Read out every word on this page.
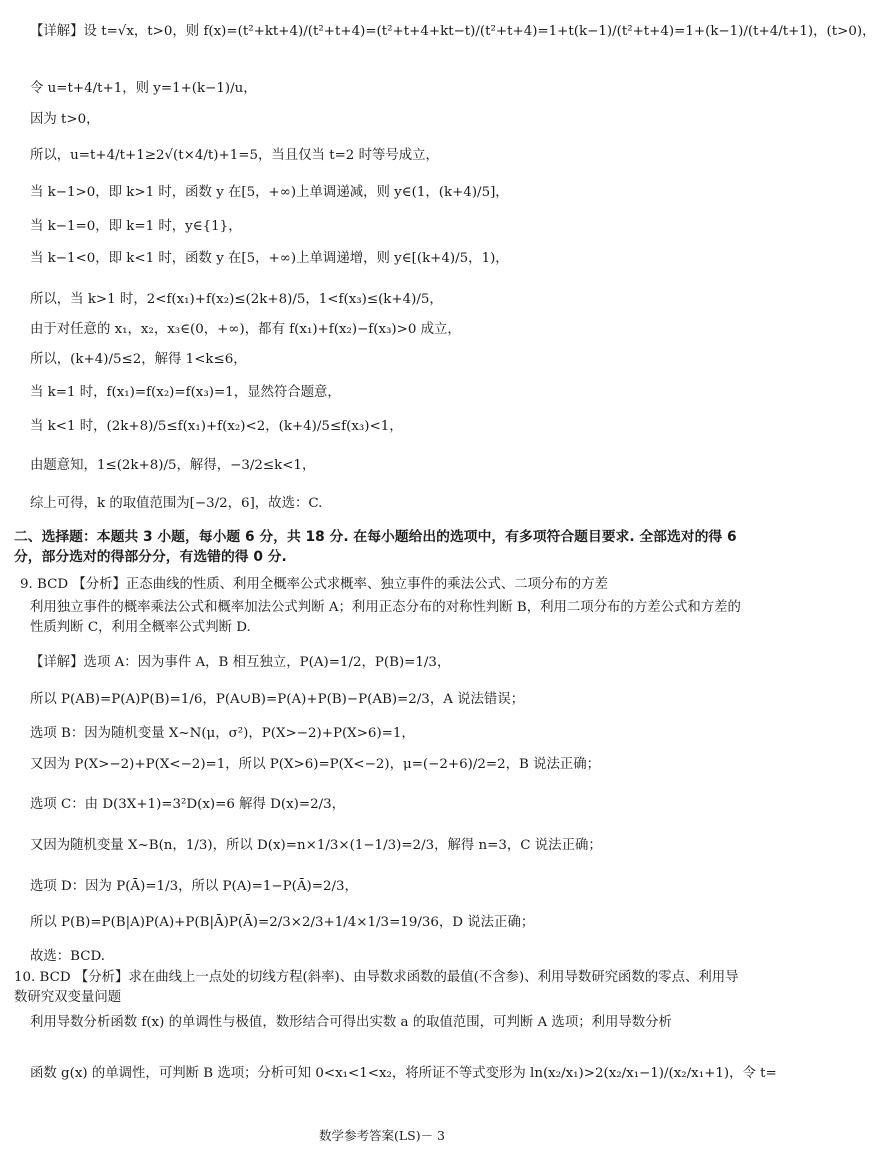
【详解】设 t=√x，t>0，则 f(x)=(t²+kt+4)/(t²+t+4)=(t²+t+4+kt−t)/(t²+t+4)=1+t(k−1)/(t²+t+4)=1+(k−1)/(t+4/t+1)，(t>0)，
令 u=t+4/t+1，则 y=1+(k−1)/u，
因为 t>0，
所以，u=t+4/t+1≥2√(t×4/t)+1=5，当且仅当 t=2 时等号成立，
当 k−1>0，即 k>1 时，函数 y 在[5，+∞)上单调递减，则 y∈(1，(k+4)/5]，
当 k−1=0，即 k=1 时，y∈{1}，
当 k−1<0，即 k<1 时，函数 y 在[5，+∞)上单调递增，则 y∈[(k+4)/5，1)，
所以，当 k>1 时，2<f(x₁)+f(x₂)≤(2k+8)/5，1<f(x₃)≤(k+4)/5，
由于对任意的 x₁，x₂，x₃∈(0，+∞)，都有 f(x₁)+f(x₂)−f(x₃)>0 成立，
所以，(k+4)/5≤2，解得 1<k≤6，
当 k=1 时，f(x₁)=f(x₂)=f(x₃)=1，显然符合题意，
当 k<1 时，(2k+8)/5≤f(x₁)+f(x₂)<2，(k+4)/5≤f(x₃)<1，
由题意知，1≤(2k+8)/5，解得，−3/2≤k<1，
综上可得，k 的取值范围为[−3/2，6]，故选：C.
二、选择题：本题共 3 小题，每小题 6 分，共 18 分. 在每小题给出的选项中，有多项符合题目要求. 全部选对的得 6 分，部分选对的得部分分，有选错的得 0 分.
9. BCD 【分析】正态曲线的性质、利用全概率公式求概率、独立事件的乘法公式、二项分布的方差
利用独立事件的概率乘法公式和概率加法公式判断 A；利用正态分布的对称性判断 B，利用二项分布的方差公式和方差的性质判断 C，利用全概率公式判断 D.
【详解】选项 A：因为事件 A，B 相互独立，P(A)=1/2，P(B)=1/3，
所以 P(AB)=P(A)P(B)=1/6，P(A∪B)=P(A)+P(B)−P(AB)=2/3，A 说法错误；
选项 B：因为随机变量 X~N(μ，σ²)，P(X>−2)+P(X>6)=1，
又因为 P(X>−2)+P(X<−2)=1，所以 P(X>6)=P(X<−2)，μ=(−2+6)/2=2，B 说法正确；
选项 C：由 D(3X+1)=3²D(x)=6 解得 D(x)=2/3，
又因为随机变量 X~B(n，1/3)，所以 D(x)=n×1/3×(1−1/3)=2/3，解得 n=3，C 说法正确；
选项 D：因为 P(Ā)=1/3，所以 P(A)=1−P(Ā)=2/3，
所以 P(B)=P(B|A)P(A)+P(B|Ā)P(Ā)=2/3×2/3+1/4×1/3=19/36，D 说法正确；
故选：BCD.
10. BCD 【分析】求在曲线上一点处的切线方程(斜率)、由导数求函数的最值(不含参)、利用导数研究函数的零点、利用导数研究双变量问题
利用导数分析函数 f(x) 的单调性与极值，数形结合可得出实数 a 的取值范围，可判断 A 选项；利用导数分析
函数 g(x) 的单调性，可判断 B 选项；分析可知 0<x₁<1<x₂，将所证不等式变形为 ln(x₂/x₁)>2(x₂/x₁−1)/(x₂/x₁+1)，令 t=
数学参考答案(LS)－ 3
